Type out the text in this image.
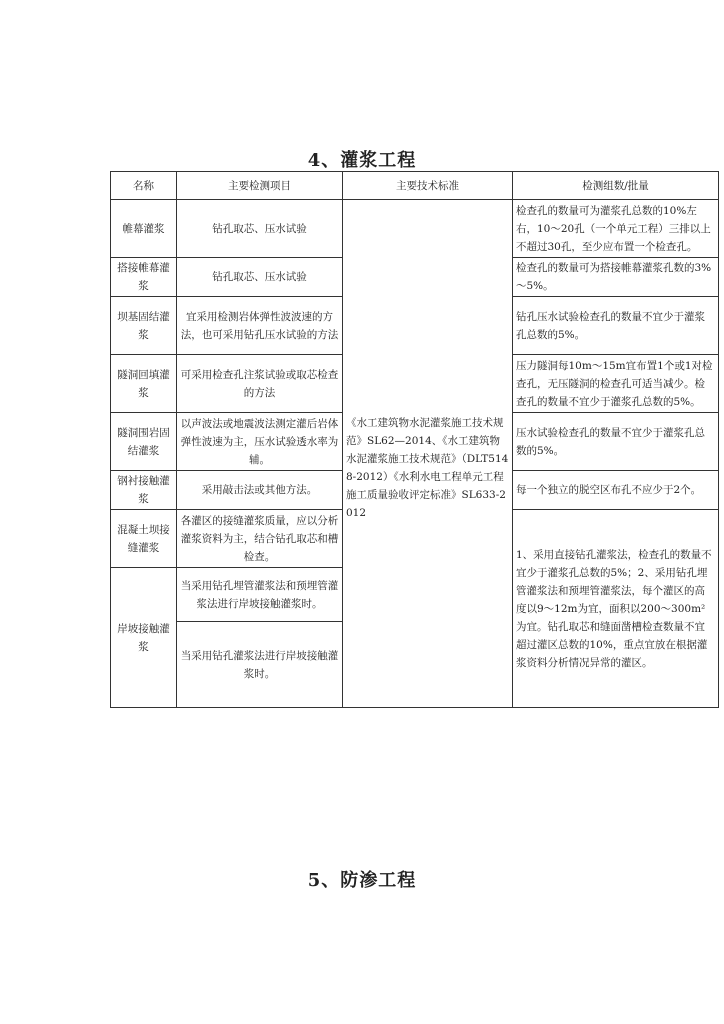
4、灌浆工程
名称	主要检测项目	主要技术标准	检测组数/批量
帷幕灌浆	钻孔取芯、压水试验	《水工建筑物水泥灌浆施工技术规范》SL62—2014、《水工建筑物水泥灌浆施工技术规范》（DLT5148-2012）《水利水电工程单元工程施工质量验收评定标准》SL633-2012	检查孔的数量可为灌浆孔总数的10%左右，10～20孔（一个单元工程）三排以上不超过30孔，至少应布置一个检查孔。
搭接帷幕灌浆	钻孔取芯、压水试验		检查孔的数量可为搭接帷幕灌浆孔数的3%～5%。
坝基固结灌浆	宜采用检测岩体弹性波波速的方法，也可采用钻孔压水试验的方法		钻孔压水试验检查孔的数量不宜少于灌浆孔总数的5%。
隧洞回填灌浆	可采用检查孔注浆试验或取芯检查的方法		压力隧洞每10m～15m宜布置1个或1对检查孔，无压隧洞的检查孔可适当减少。检查孔的数量不宜少于灌浆孔总数的5%。
隧洞围岩固结灌浆	以声波法或地震波法测定灌后岩体弹性波速为主，压水试验透水率为辅。		压水试验检查孔的数量不宜少于灌浆孔总数的5%。
钢衬接触灌浆	采用敲击法或其他方法。		每一个独立的脱空区布孔不应少于2个。
混凝土坝接缝灌浆	各灌区的接缝灌浆质量，应以分析灌浆资料为主，结合钻孔取芯和槽检查。		1、采用直接钻孔灌浆法，检查孔的数量不宜少于灌浆孔总数的5%；2、采用钻孔埋管灌浆法和预埋管灌浆法，每个灌区的高度以9～12m为宜，面积以200～300m²为宜。钻孔取芯和缝面凿槽检查数量不宜超过灌区总数的10%，重点宜放在根据灌浆资料分析情况异常的灌区。
岸坡接触灌浆	当采用钻孔埋管灌浆法和预埋管灌浆法进行岸坡接触灌浆时。		
	当采用钻孔灌浆法进行岸坡接触灌浆时。		
5、防渗工程
